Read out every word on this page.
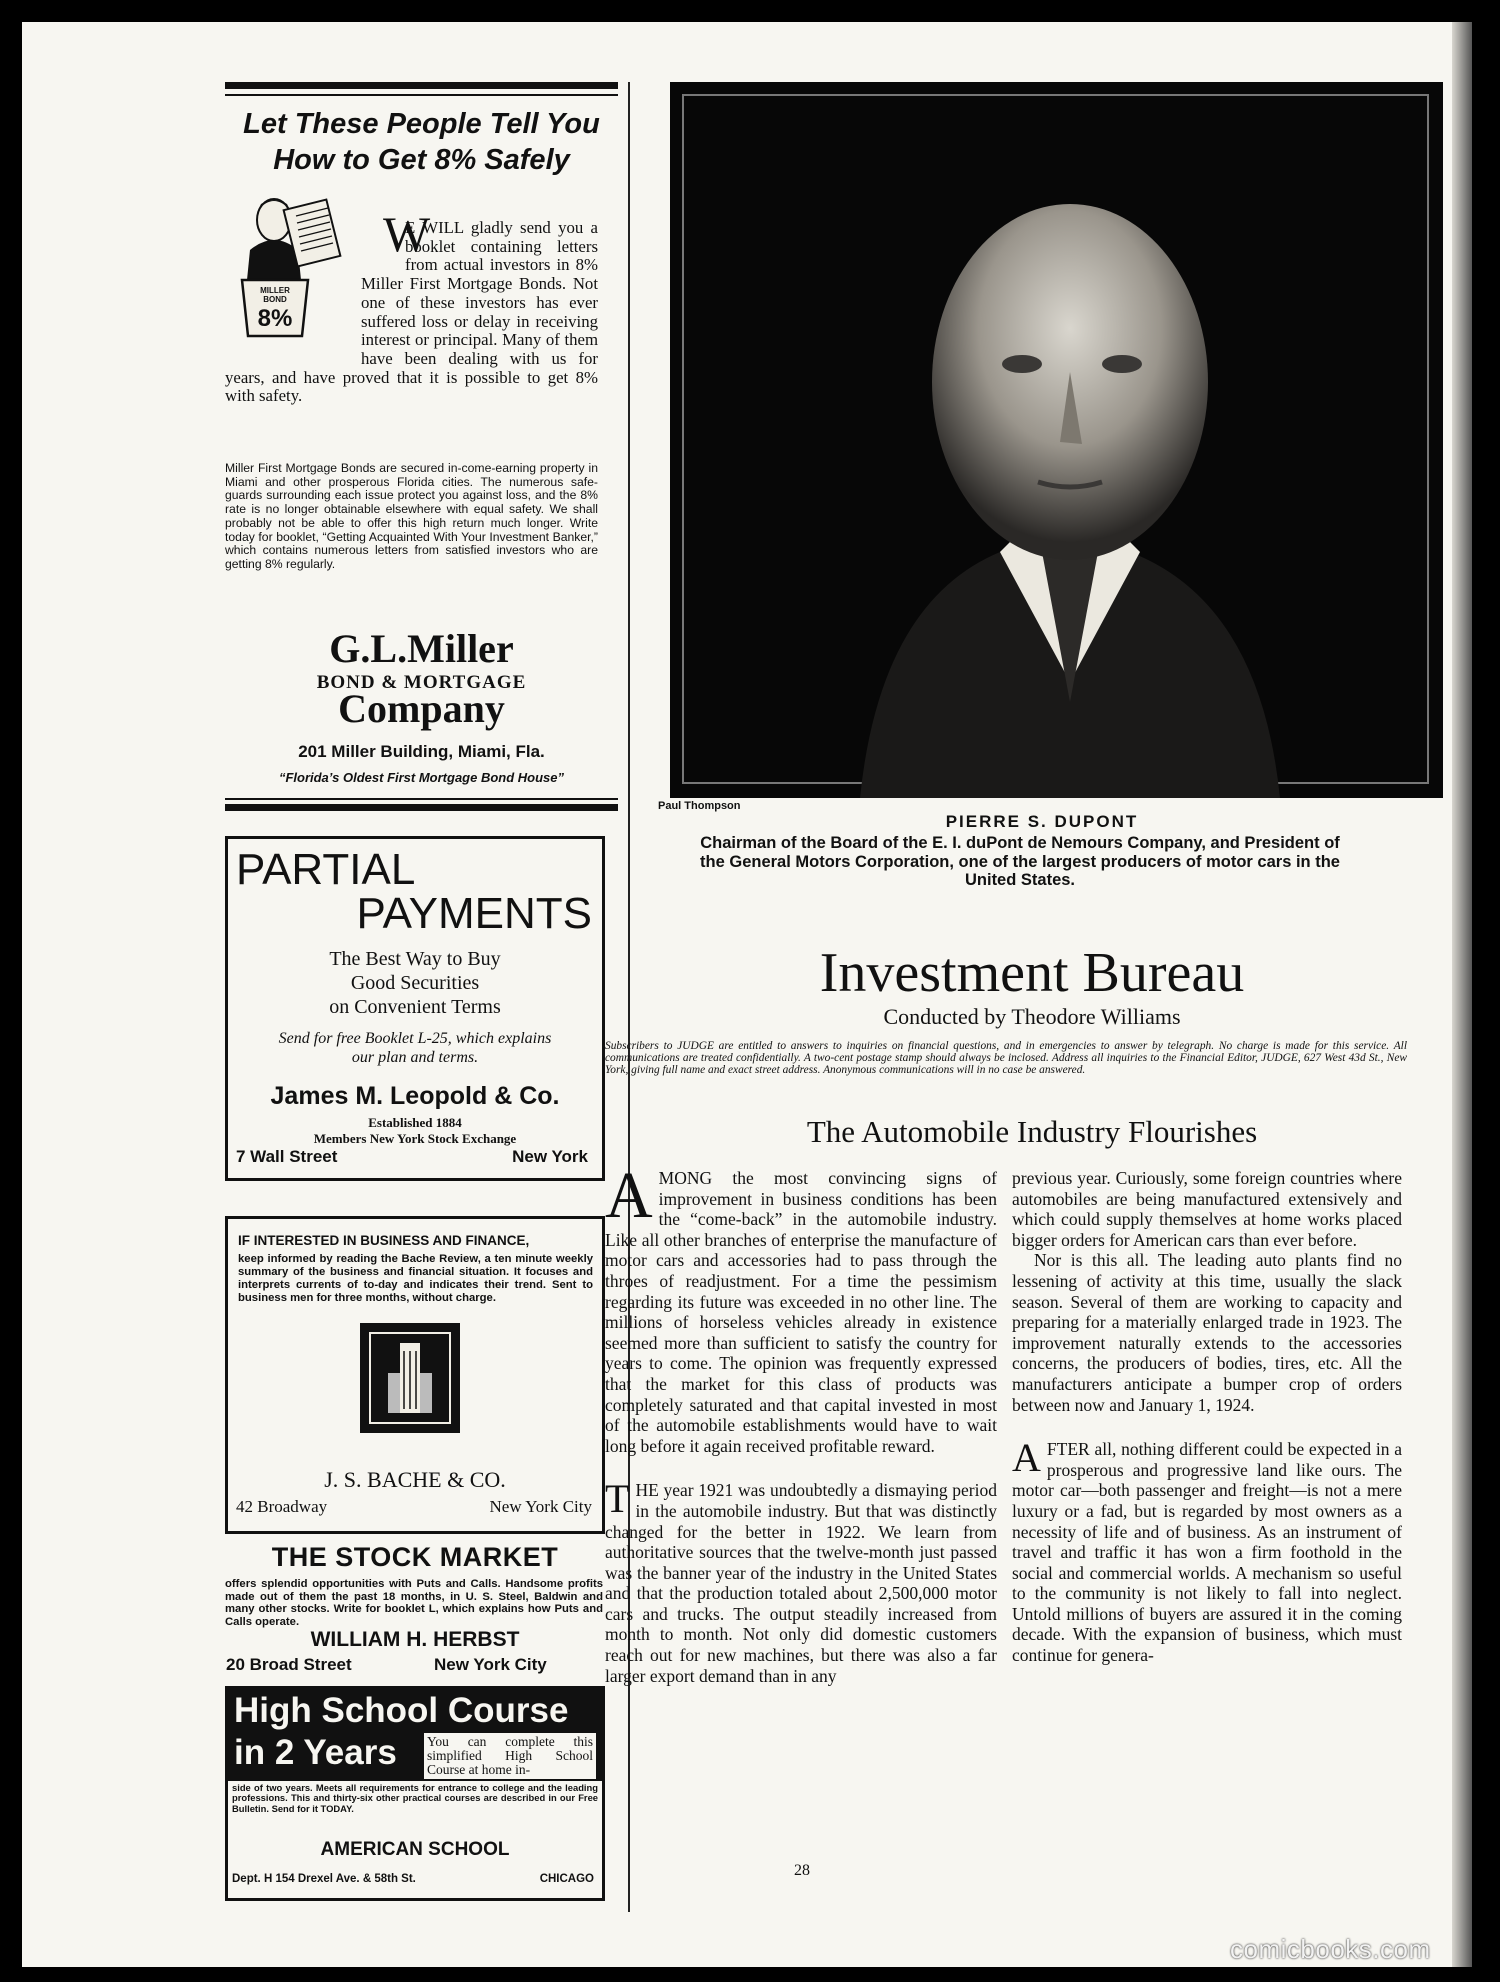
Let These People Tell You
How to Get 8% Safely
MILLER
BOND
8%
W
E WILL gladly send you a booklet containing letters from actual investors in 8% Miller First Mortgage Bonds. Not one of these investors has ever suffered loss or delay in receiving interest or principal. Many of them have been dealing with us for years, and have proved that it is possible to get 8% with safety.
Miller First Mortgage Bonds are secured in-come-earning property in Miami and other prosperous Florida cities. The numerous safe-guards surrounding each issue protect you against loss, and the 8% rate is no longer obtainable elsewhere with equal safety. We shall probably not be able to offer this high return much longer. Write today for booklet, “Getting Acquainted With Your Investment Banker,” which contains numerous letters from satisfied investors who are getting 8% regularly.
G.L.Miller
BOND & MORTGAGE
Company
201 Miller Building, Miami, Fla.
“Florida’s Oldest First Mortgage Bond House”
PARTIAL
PAYMENTS
The Best Way to Buy
Good Securities
on Convenient Terms
Send for free Booklet L-25, which explains
our plan and terms.
James M. Leopold & Co.
Established 1884
Members New York Stock Exchange
7 Wall Street	New York
IF INTERESTED IN BUSINESS AND FINANCE,
keep informed by reading the Bache Review, a ten minute weekly summary of the business and financial situation. It focuses and interprets currents of to-day and indicates their trend. Sent to business men for three months, without charge.
J. S. BACHE & CO.
42 Broadway	New York City
THE STOCK MARKET
offers splendid opportunities with Puts and Calls. Handsome profits made out of them the past 18 months, in U. S. Steel, Baldwin and many other stocks. Write for booklet L, which explains how Puts and Calls operate.
WILLIAM H. HERBST
20 Broad Street	New York City
High School Course
in 2 Years You can complete this simplified High School Course at home in-
side of two years. Meets all requirements for entrance to college and the leading professions. This and thirty-six other practical courses are described in our Free Bulletin. Send for it TODAY.
AMERICAN SCHOOL
Dept. H 154 Drexel Ave. & 58th St.	CHICAGO
Paul Thompson
PIERRE S. DUPONT
Chairman of the Board of the E. I. duPont de Nemours Company, and President of the General Motors Corporation, one of the largest producers of motor cars in the United States.
Investment Bureau
Conducted by Theodore Williams
Subscribers to JUDGE are entitled to answers to inquiries on financial questions, and in emergencies to answer by telegraph. No charge is made for this service. All communications are treated confidentially. A two-cent postage stamp should always be inclosed. Address all inquiries to the Financial Editor, JUDGE, 627 West 43d St., New York, giving full name and exact street address. Anonymous communications will in no case be answered.
The Automobile Industry Flourishes
AMONG the most convincing signs of improvement in business conditions has been the “come-back” in the automobile industry. Like all other branches of enterprise the manufacture of motor cars and accessories had to pass through the throes of readjustment. For a time the pessimism regarding its future was exceeded in no other line. The millions of horseless vehicles already in existence seemed more than sufficient to satisfy the country for years to come. The opinion was frequently expressed that the market for this class of products was completely saturated and that capital invested in most of the automobile establishments would have to wait long before it again received profitable reward.
THE year 1921 was undoubtedly a dismaying period in the automobile industry. But that was distinctly changed for the better in 1922. We learn from authoritative sources that the twelve-month just passed was the banner year of the industry in the United States and that the production totaled about 2,500,000 motor cars and trucks. The output steadily increased from month to month. Not only did domestic customers reach out for new machines, but there was also a far larger export demand than in any
previous year. Curiously, some foreign countries where automobiles are being manufactured extensively and which could supply themselves at home works placed bigger orders for American cars than ever before.
Nor is this all. The leading auto plants find no lessening of activity at this time, usually the slack season. Several of them are working to capacity and preparing for a materially enlarged trade in 1923. The improvement naturally extends to the accessories concerns, the producers of bodies, tires, etc. All the manufacturers anticipate a bumper crop of orders between now and January 1, 1924.
AFTER all, nothing different could be expected in a prosperous and progressive land like ours. The motor car—both passenger and freight—is not a mere luxury or a fad, but is regarded by most owners as a necessity of life and of business. As an instrument of travel and traffic it has won a firm foothold in the social and commercial worlds. A mechanism so useful to the community is not likely to fall into neglect. Untold millions of buyers are assured it in the coming decade. With the expansion of business, which must continue for genera-
28
comicbooks.com
